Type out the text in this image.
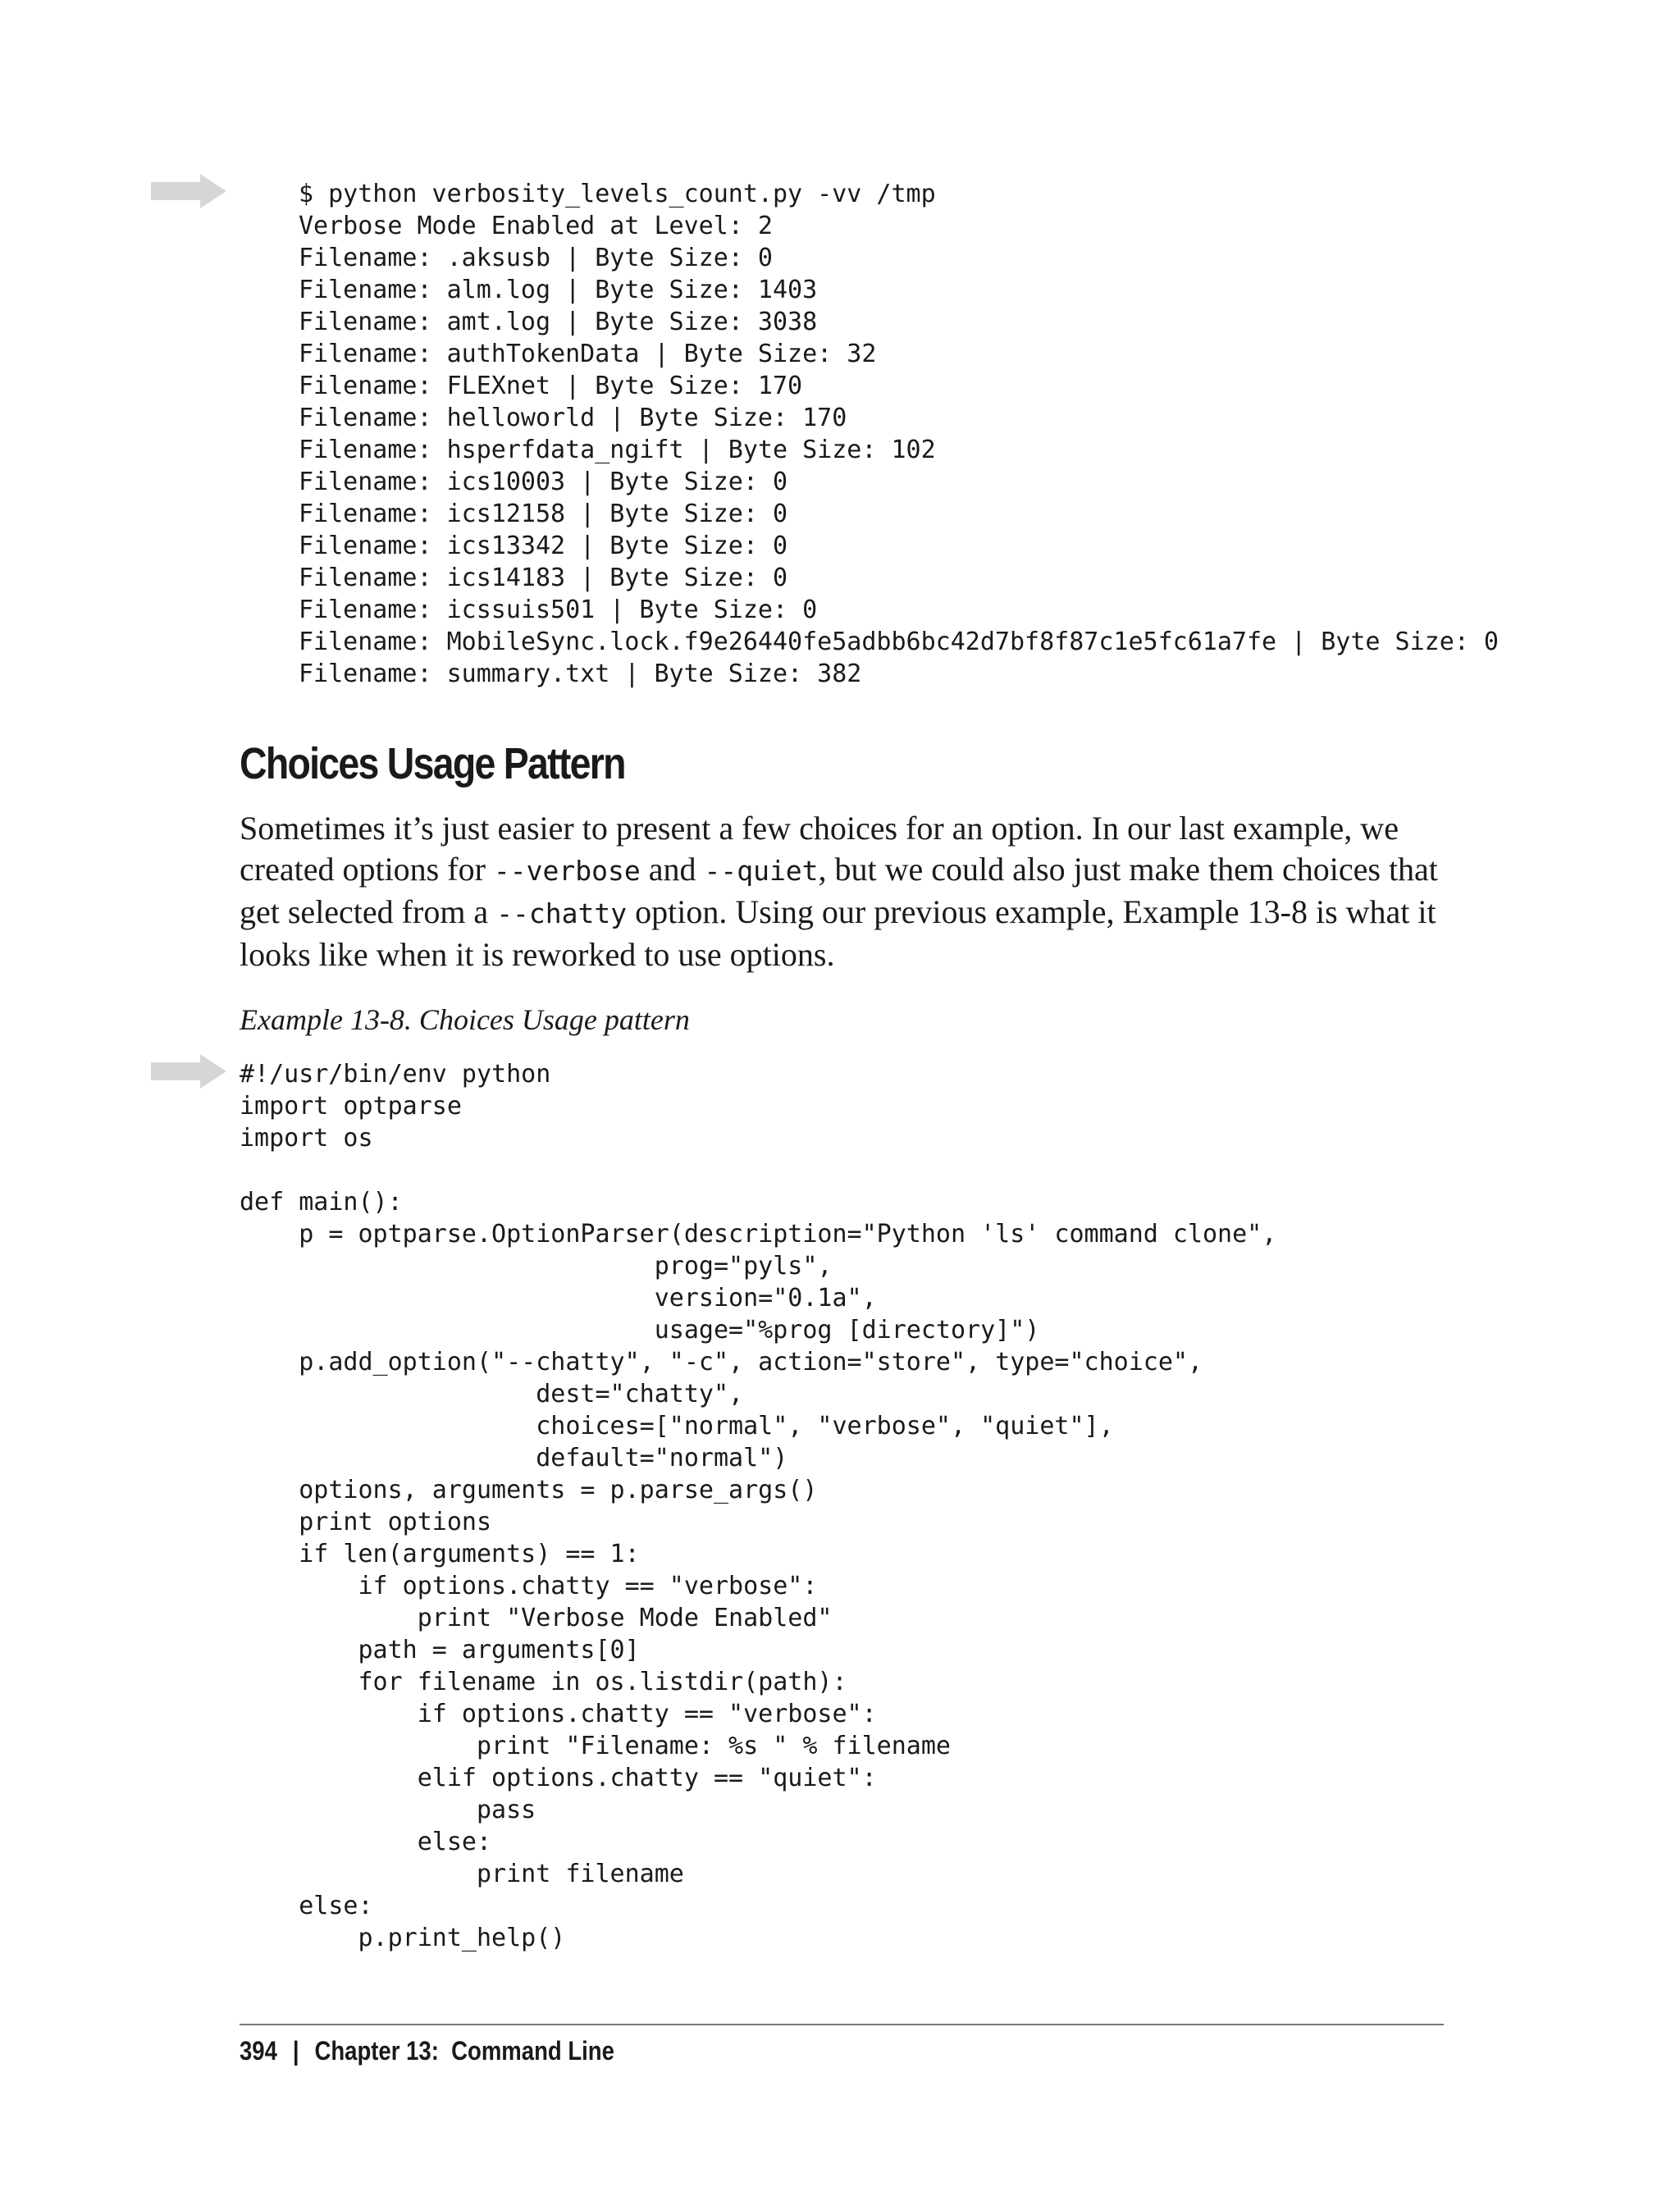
$ python verbosity_levels_count.py -vv /tmp
Verbose Mode Enabled at Level: 2
Filename: .aksusb | Byte Size: 0
Filename: alm.log | Byte Size: 1403
Filename: amt.log | Byte Size: 3038
Filename: authTokenData | Byte Size: 32
Filename: FLEXnet | Byte Size: 170
Filename: helloworld | Byte Size: 170
Filename: hsperfdata_ngift | Byte Size: 102
Filename: ics10003 | Byte Size: 0
Filename: ics12158 | Byte Size: 0
Filename: ics13342 | Byte Size: 0
Filename: ics14183 | Byte Size: 0
Filename: icssuis501 | Byte Size: 0
Filename: MobileSync.lock.f9e26440fe5adbb6bc42d7bf8f87c1e5fc61a7fe | Byte Size: 0
Filename: summary.txt | Byte Size: 382
Choices Usage Pattern

Sometimes it’s just easier to present a few choices for an option. In our last example, we created options for --verbose and --quiet, but we could also just make them choices that get selected from a --chatty option. Using our previous example, Example 13-8 is what it looks like when it is reworked to use options.

Example 13-8. Choices Usage pattern

#!/usr/bin/env python
import optparse
import os

def main():
p = optparse.OptionParser(description="Python 'ls' command clone",
prog="pyls",
version="0.1a",
usage="%prog [directory]")
p.add_option("--chatty", "-c", action="store", type="choice",
dest="chatty",
choices=["normal", "verbose", "quiet"],
default="normal")
options, arguments = p.parse_args()
print options
if len(arguments) == 1:
if options.chatty == "verbose":
print "Verbose Mode Enabled"
path = arguments[0]
for filename in os.listdir(path):
if options.chatty == "verbose":
print "Filename: %s " % filename
elif options.chatty == "quiet":
pass
else:
print filename
else:
p.print_help()
394 | Chapter 13:  Command Line
